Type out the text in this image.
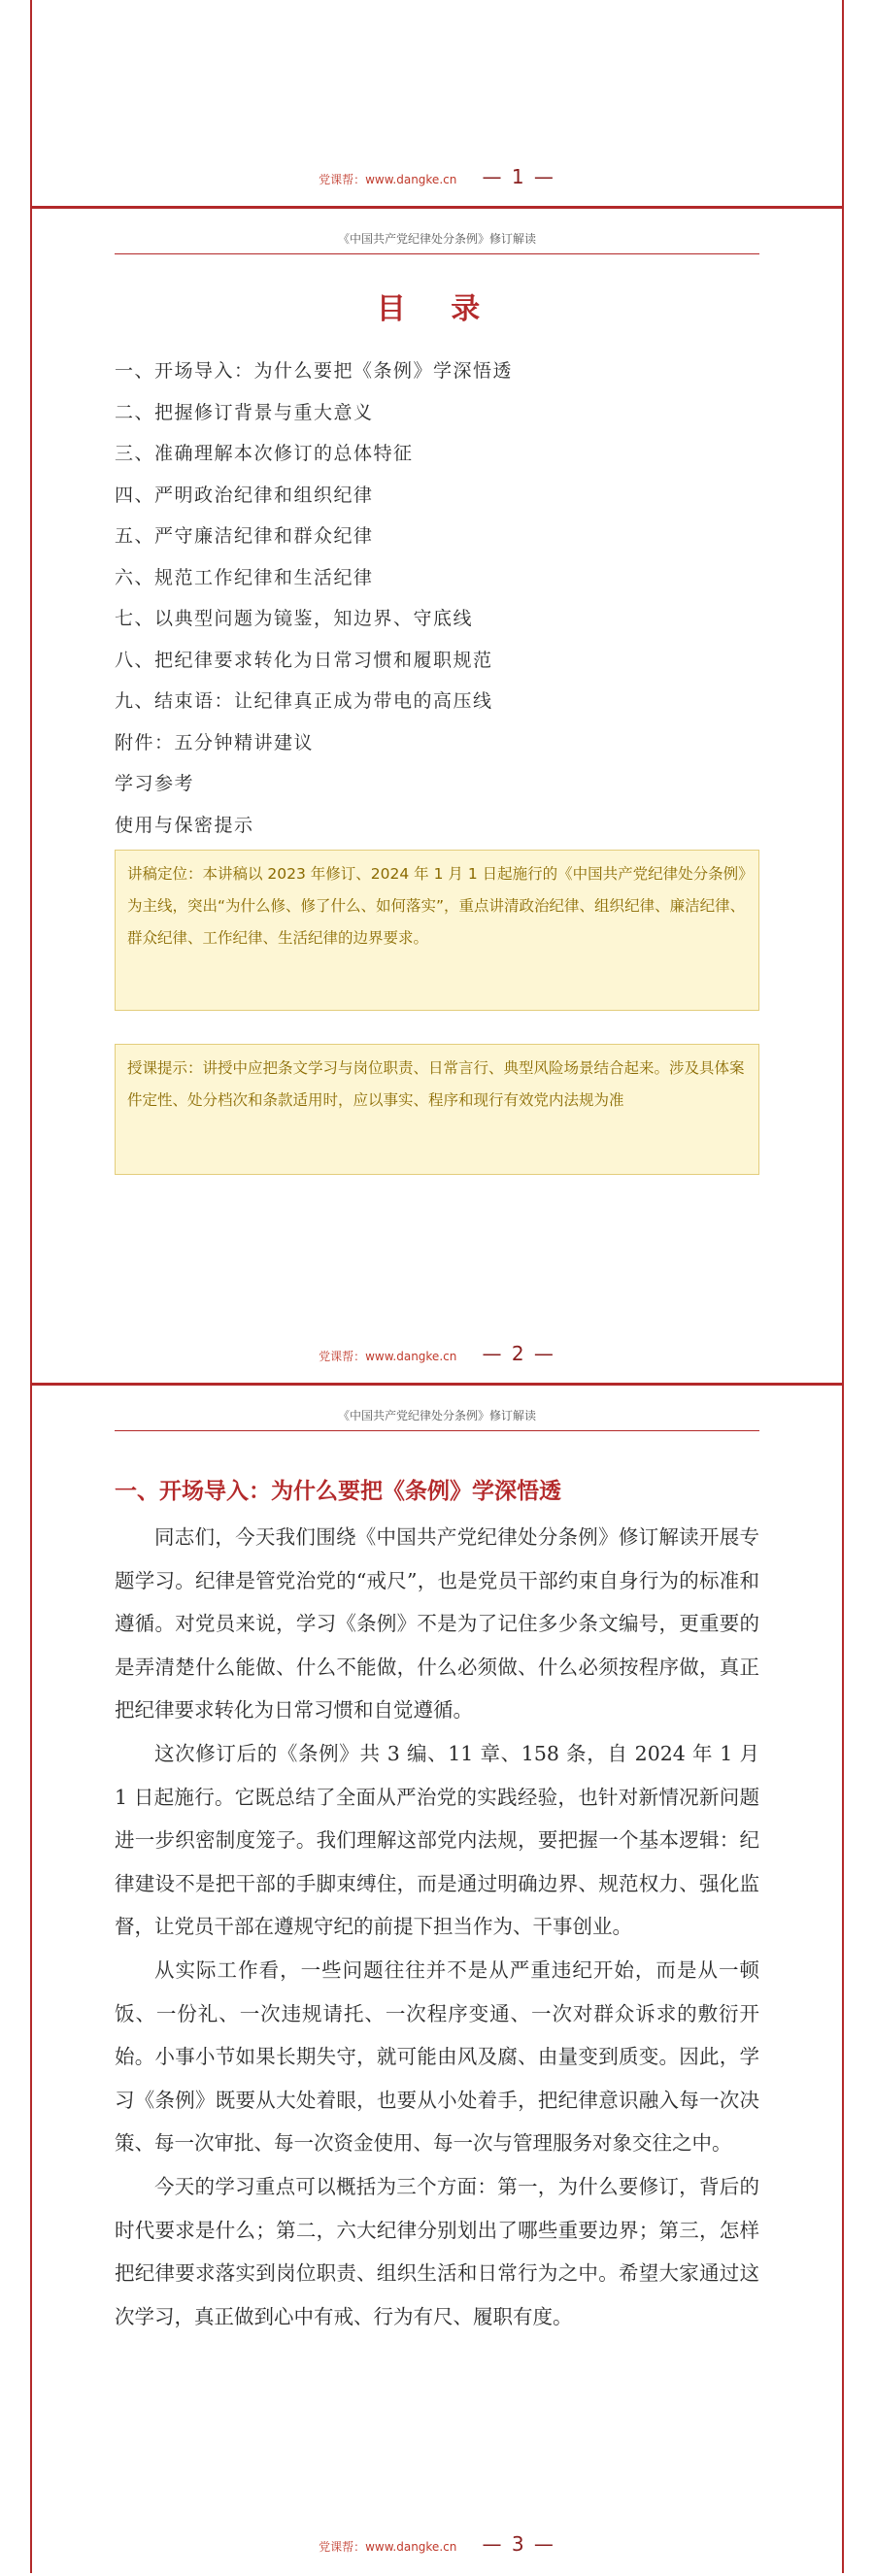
党课帮：www.dangke.cn — 1 —
《中国共产党纪律处分条例》修订解读
目 录
一、开场导入：为什么要把《条例》学深悟透
二、把握修订背景与重大意义
三、准确理解本次修订的总体特征
四、严明政治纪律和组织纪律
五、严守廉洁纪律和群众纪律
六、规范工作纪律和生活纪律
七、以典型问题为镜鉴，知边界、守底线
八、把纪律要求转化为日常习惯和履职规范
九、结束语：让纪律真正成为带电的高压线
附件：五分钟精讲建议
学习参考
使用与保密提示
讲稿定位：本讲稿以 2023 年修订、2024 年 1 月 1 日起施行的《中国共产党纪律处分条例》为主线，突出“为什么修、修了什么、如何落实”，重点讲清政治纪律、组织纪律、廉洁纪律、群众纪律、工作纪律、生活纪律的边界要求。
授课提示：讲授中应把条文学习与岗位职责、日常言行、典型风险场景结合起来。涉及具体案件定性、处分档次和条款适用时，应以事实、程序和现行有效党内法规为准
党课帮：www.dangke.cn — 2 —
《中国共产党纪律处分条例》修订解读
一、开场导入：为什么要把《条例》学深悟透

同志们，今天我们围绕《中国共产党纪律处分条例》修订解读开展专题学习。纪律是管党治党的“戒尺”，也是党员干部约束自身行为的标准和遵循。对党员来说，学习《条例》不是为了记住多少条文编号，更重要的是弄清楚什么能做、什么不能做，什么必须做、什么必须按程序做，真正把纪律要求转化为日常习惯和自觉遵循。

这次修订后的《条例》共 3 编、11 章、158 条，自 2024 年 1 月 1 日起施行。它既总结了全面从严治党的实践经验，也针对新情况新问题进一步织密制度笼子。我们理解这部党内法规，要把握一个基本逻辑：纪律建设不是把干部的手脚束缚住，而是通过明确边界、规范权力、强化监督，让党员干部在遵规守纪的前提下担当作为、干事创业。

从实际工作看，一些问题往往并不是从严重违纪开始，而是从一顿饭、一份礼、一次违规请托、一次程序变通、一次对群众诉求的敷衍开始。小事小节如果长期失守，就可能由风及腐、由量变到质变。因此，学习《条例》既要从大处着眼，也要从小处着手，把纪律意识融入每一次决策、每一次审批、每一次资金使用、每一次与管理服务对象交往之中。

今天的学习重点可以概括为三个方面：第一，为什么要修订，背后的时代要求是什么；第二，六大纪律分别划出了哪些重要边界；第三，怎样把纪律要求落实到岗位职责、组织生活和日常行为之中。希望大家通过这次学习，真正做到心中有戒、行为有尺、履职有度。

党课帮：www.dangke.cn — 3 —
